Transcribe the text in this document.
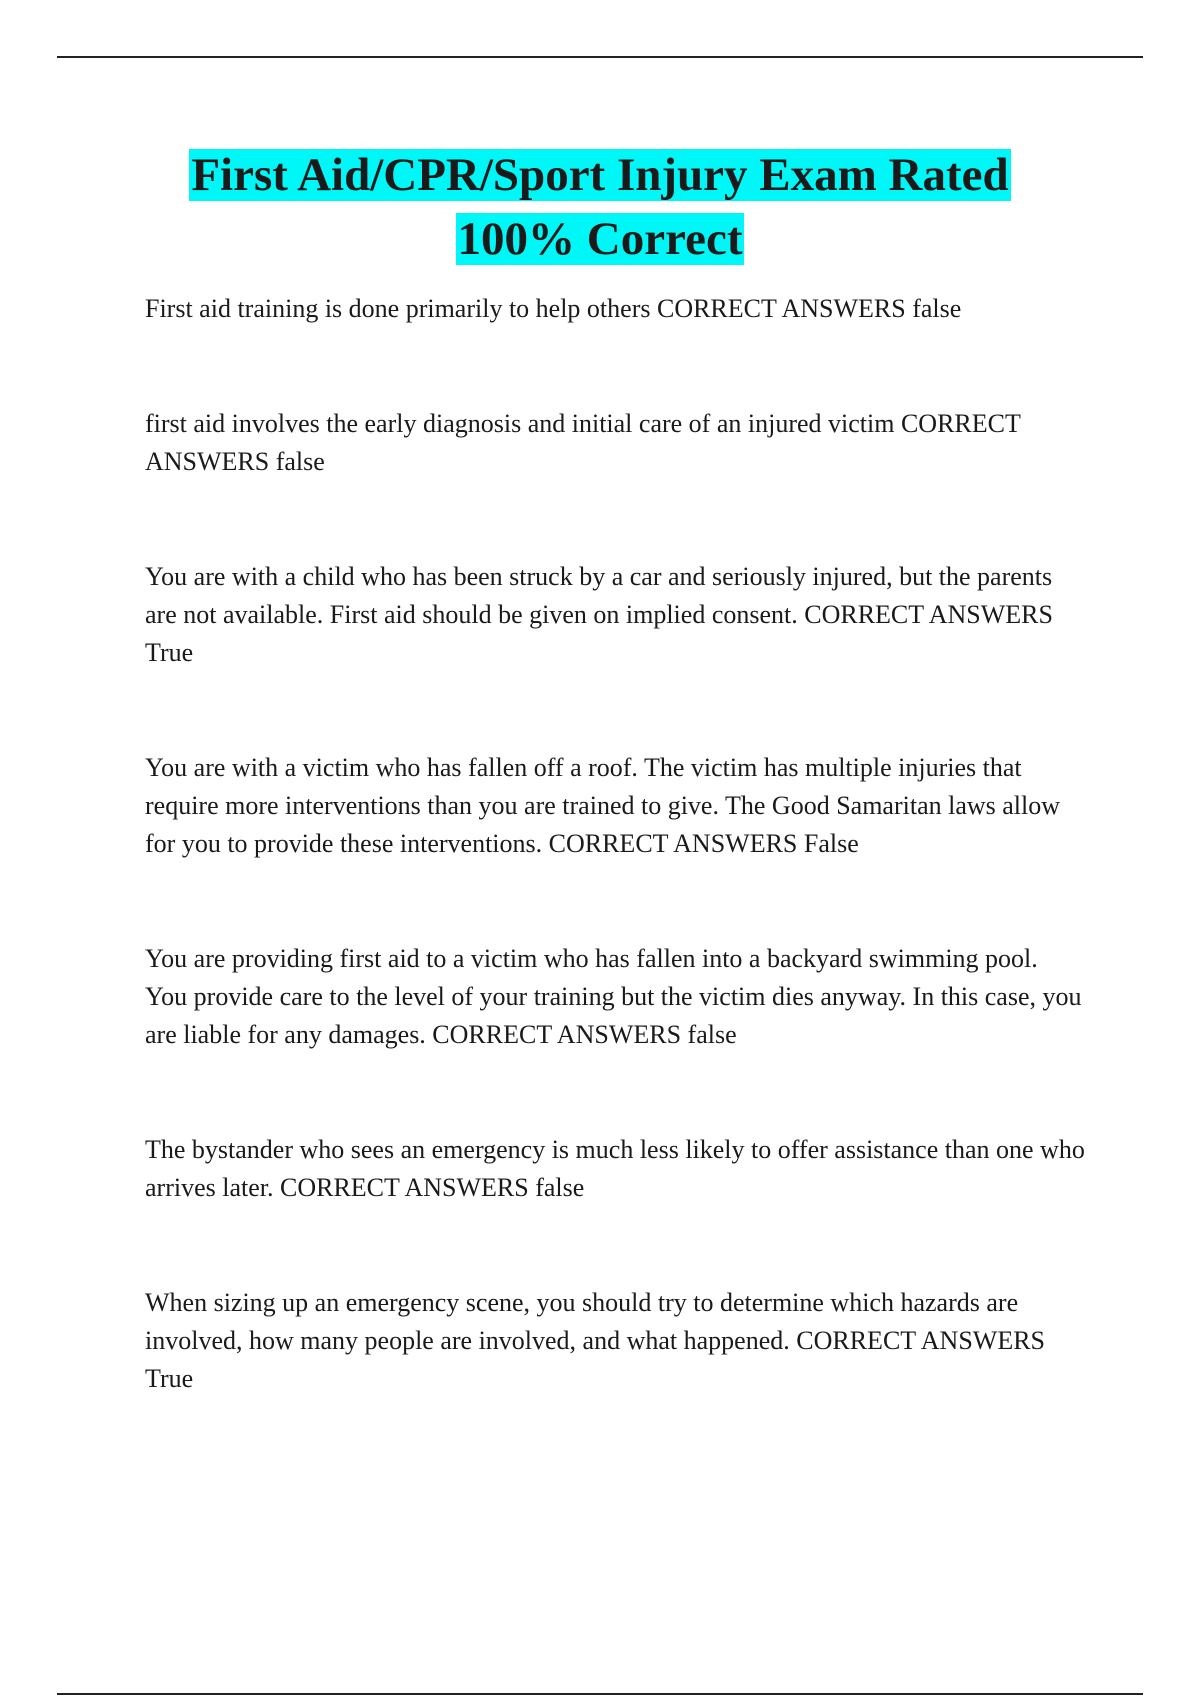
First Aid/CPR/Sport Injury Exam Rated
100% Correct

First aid training is done primarily to help others CORRECT ANSWERS false

first aid involves the early diagnosis and initial care of an injured victim CORRECT ANSWERS false

You are with a child who has been struck by a car and seriously injured, but the parents are not available. First aid should be given on implied consent. CORRECT ANSWERS True

You are with a victim who has fallen off a roof. The victim has multiple injuries that require more interventions than you are trained to give. The Good Samaritan laws allow for you to provide these interventions. CORRECT ANSWERS False

You are providing first aid to a victim who has fallen into a backyard swimming pool. You provide care to the level of your training but the victim dies anyway. In this case, you are liable for any damages. CORRECT ANSWERS false

The bystander who sees an emergency is much less likely to offer assistance than one who arrives later. CORRECT ANSWERS false

When sizing up an emergency scene, you should try to determine which hazards are involved, how many people are involved, and what happened. CORRECT ANSWERS True
